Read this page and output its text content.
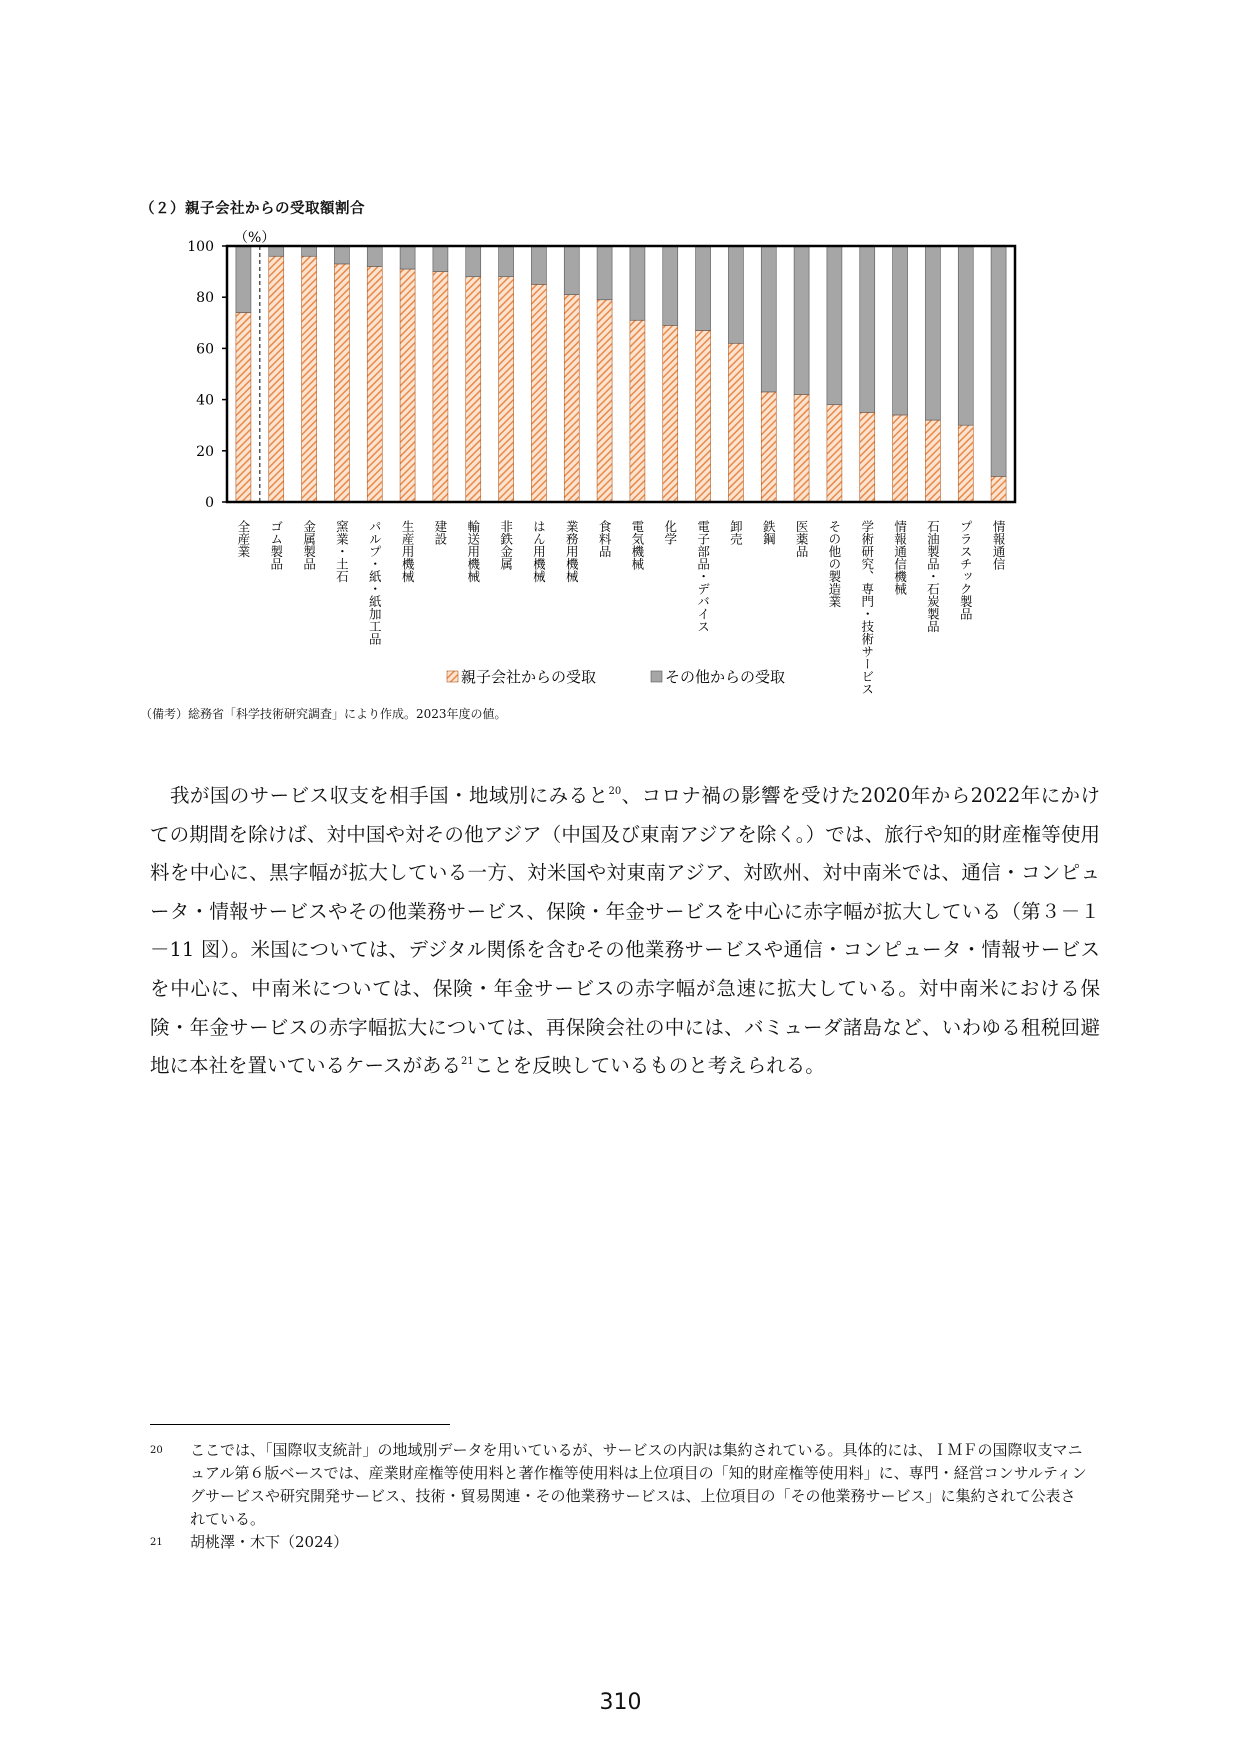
（２）親子会社からの受取額割合
0
20
40
60
80
100
（%）
全産業 ゴム製品 金属製品 窯業・土石 パルプ・紙・紙加工品 生産用機械 建設 輸送用機械 非鉄金属 はん用機械 業務用機械 食料品 電気機械 化学 電子部品・デバイス 卸売 鉄鋼 医薬品 その他の製造業 学術研究、専門・技術サービス 情報通信機械 石油製品・石炭製品 プラスチック製品 情報通信
親子会社からの受取	その他からの受取
（備考）総務省「科学技術研究調査」により作成。2023年度の値。

我が国のサービス収支を相手国・地域別にみると$^{20}$、コロナ禍の影響を受けた2020年から2022年にかけての期間を除けば、対中国や対その他アジア（中国及び東南アジアを除く。）では、旅行や知的財産権等使用料を中心に、黒字幅が拡大している一方、対米国や対東南アジア、対欧州、対中南米では、通信・コンピュータ・情報サービスやその他業務サービス、保険・年金サービスを中心に赤字幅が拡大している（第３－１－11 図）。米国については、デジタル関係を含むその他業務サービスや通信・コンピュータ・情報サービスを中心に、中南米については、保険・年金サービスの赤字幅が急速に拡大している。対中南米における保険・年金サービスの赤字幅拡大については、再保険会社の中には、バミューダ諸島など、いわゆる租税回避地に本社を置いているケースがある$^{21}$ことを反映しているものと考えられる。

20 ここでは、「国際収支統計」の地域別データを用いているが、サービスの内訳は集約されている。具体的には、ＩＭＦの国際収支マニュアル第６版ベースでは、産業財産権等使用料と著作権等使用料は上位項目の「知的財産権等使用料」に、専門・経営コンサルティングサービスや研究開発サービス、技術・貿易関連・その他業務サービスは、上位項目の「その他業務サービス」に集約されて公表されている。
21 胡桃澤・木下（2024）
310
